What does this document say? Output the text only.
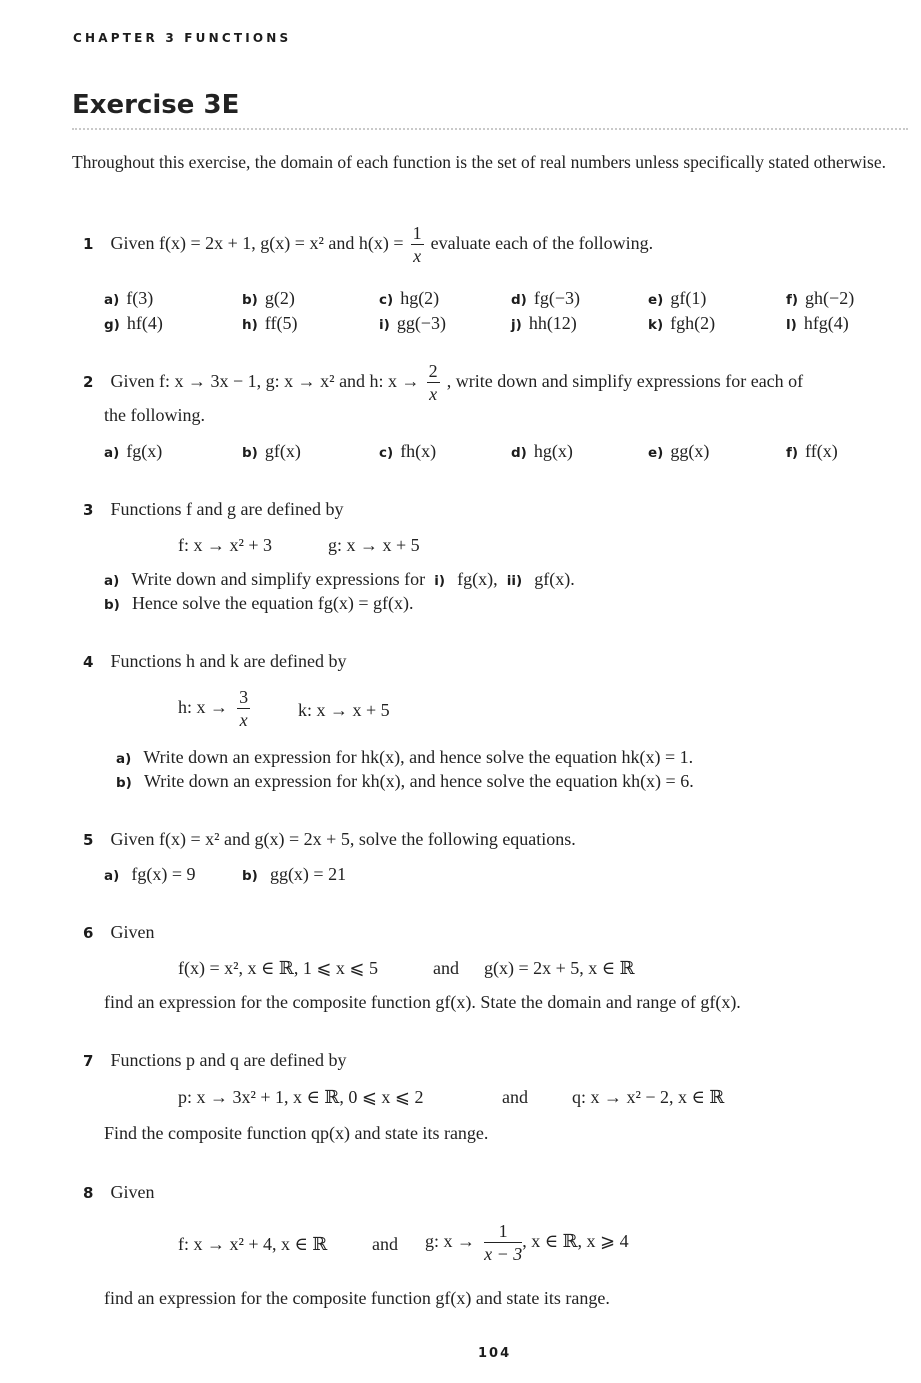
CHAPTER 3 FUNCTIONS
Exercise 3E
Throughout this exercise, the domain of each function is the set of real numbers unless specifically stated otherwise.
1 Given f(x) = 2x + 1, g(x) = x² and $h(x) = \frac{1}{x}$ evaluate each of the following.
a) f(3)	b) g(2)	c) hg(2)	d) fg(−3)	e) gf(1)	f) gh(−2)
g) hf(4)	h) ff(5)	i) gg(−3)	j) hh(12)	k) fgh(2)	l) hfg(4)
2 Given f: x → 3x − 1, g: x → x² and h: $x \to \frac{2}{x}$ , write down and simplify expressions for each of
the following.
a) fg(x)	b) gf(x)	c) fh(x)	d) hg(x)	e) gg(x)	f) ff(x)
3 Functions f and g are defined by
f: x → x² + 3	g: x → x + 5
a) Write down and simplify expressions for i) fg(x), ii) gf(x).
b) Hence solve the equation fg(x) = gf(x).
4 Functions h and k are defined by
h: $x \to \frac{3}{x}$	k: x → x + 5
a) Write down an expression for hk(x), and hence solve the equation hk(x) = 1.
b) Write down an expression for kh(x), and hence solve the equation kh(x) = 6.
5 Given f(x) = x² and g(x) = 2x + 5, solve the following equations.
a) fg(x) = 9	b) gg(x) = 21
6 Given
f(x) = x², x ∈ ℝ, 1 ⩽ x ⩽ 5	and g(x) = 2x + 5, x ∈ ℝ
find an expression for the composite function gf(x). State the domain and range of gf(x).
7 Functions p and q are defined by
p: x → 3x² + 1, x ∈ ℝ, 0 ⩽ x ⩽ 2	and q: x → x² − 2, x ∈ ℝ
Find the composite function qp(x) and state its range.
8 Given
f: x → x² + 4, x ∈ ℝ and g: $x \to \frac{1}{x - 3}$ , x ∈ ℝ, x ⩾ 4
find an expression for the composite function gf(x) and state its range.
104
